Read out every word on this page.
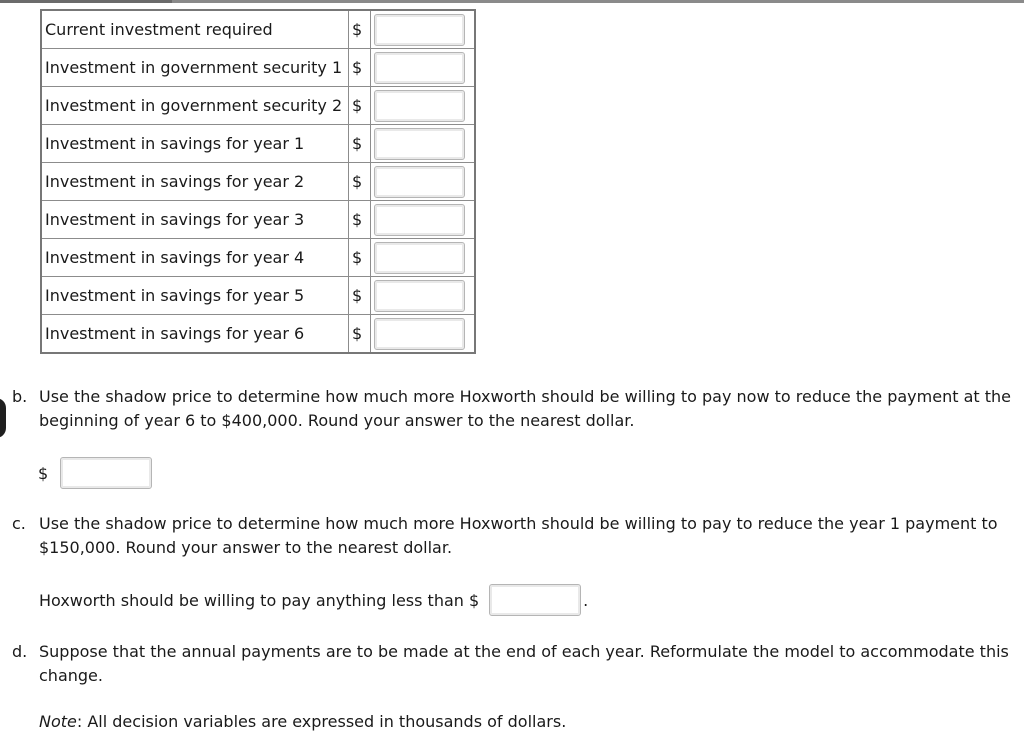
Current investment required	$	

Investment in government security 1	$	

Investment in government security 2	$	

Investment in savings for year 1	$	

Investment in savings for year 2	$	

Investment in savings for year 3	$	

Investment in savings for year 4	$	

Investment in savings for year 5	$	

Investment in savings for year 6	$	
b. Use the shadow price to determine how much more Hoxworth should be willing to pay now to reduce the payment at the beginning of year 6 to $400,000. Round your answer to the nearest dollar.
$
c. Use the shadow price to determine how much more Hoxworth should be willing to pay to reduce the year 1 payment to $150,000. Round your answer to the nearest dollar.
Hoxworth should be willing to pay anything less than $	.
d. Suppose that the annual payments are to be made at the end of each year. Reformulate the model to accommodate this change.
Note: All decision variables are expressed in thousands of dollars.
